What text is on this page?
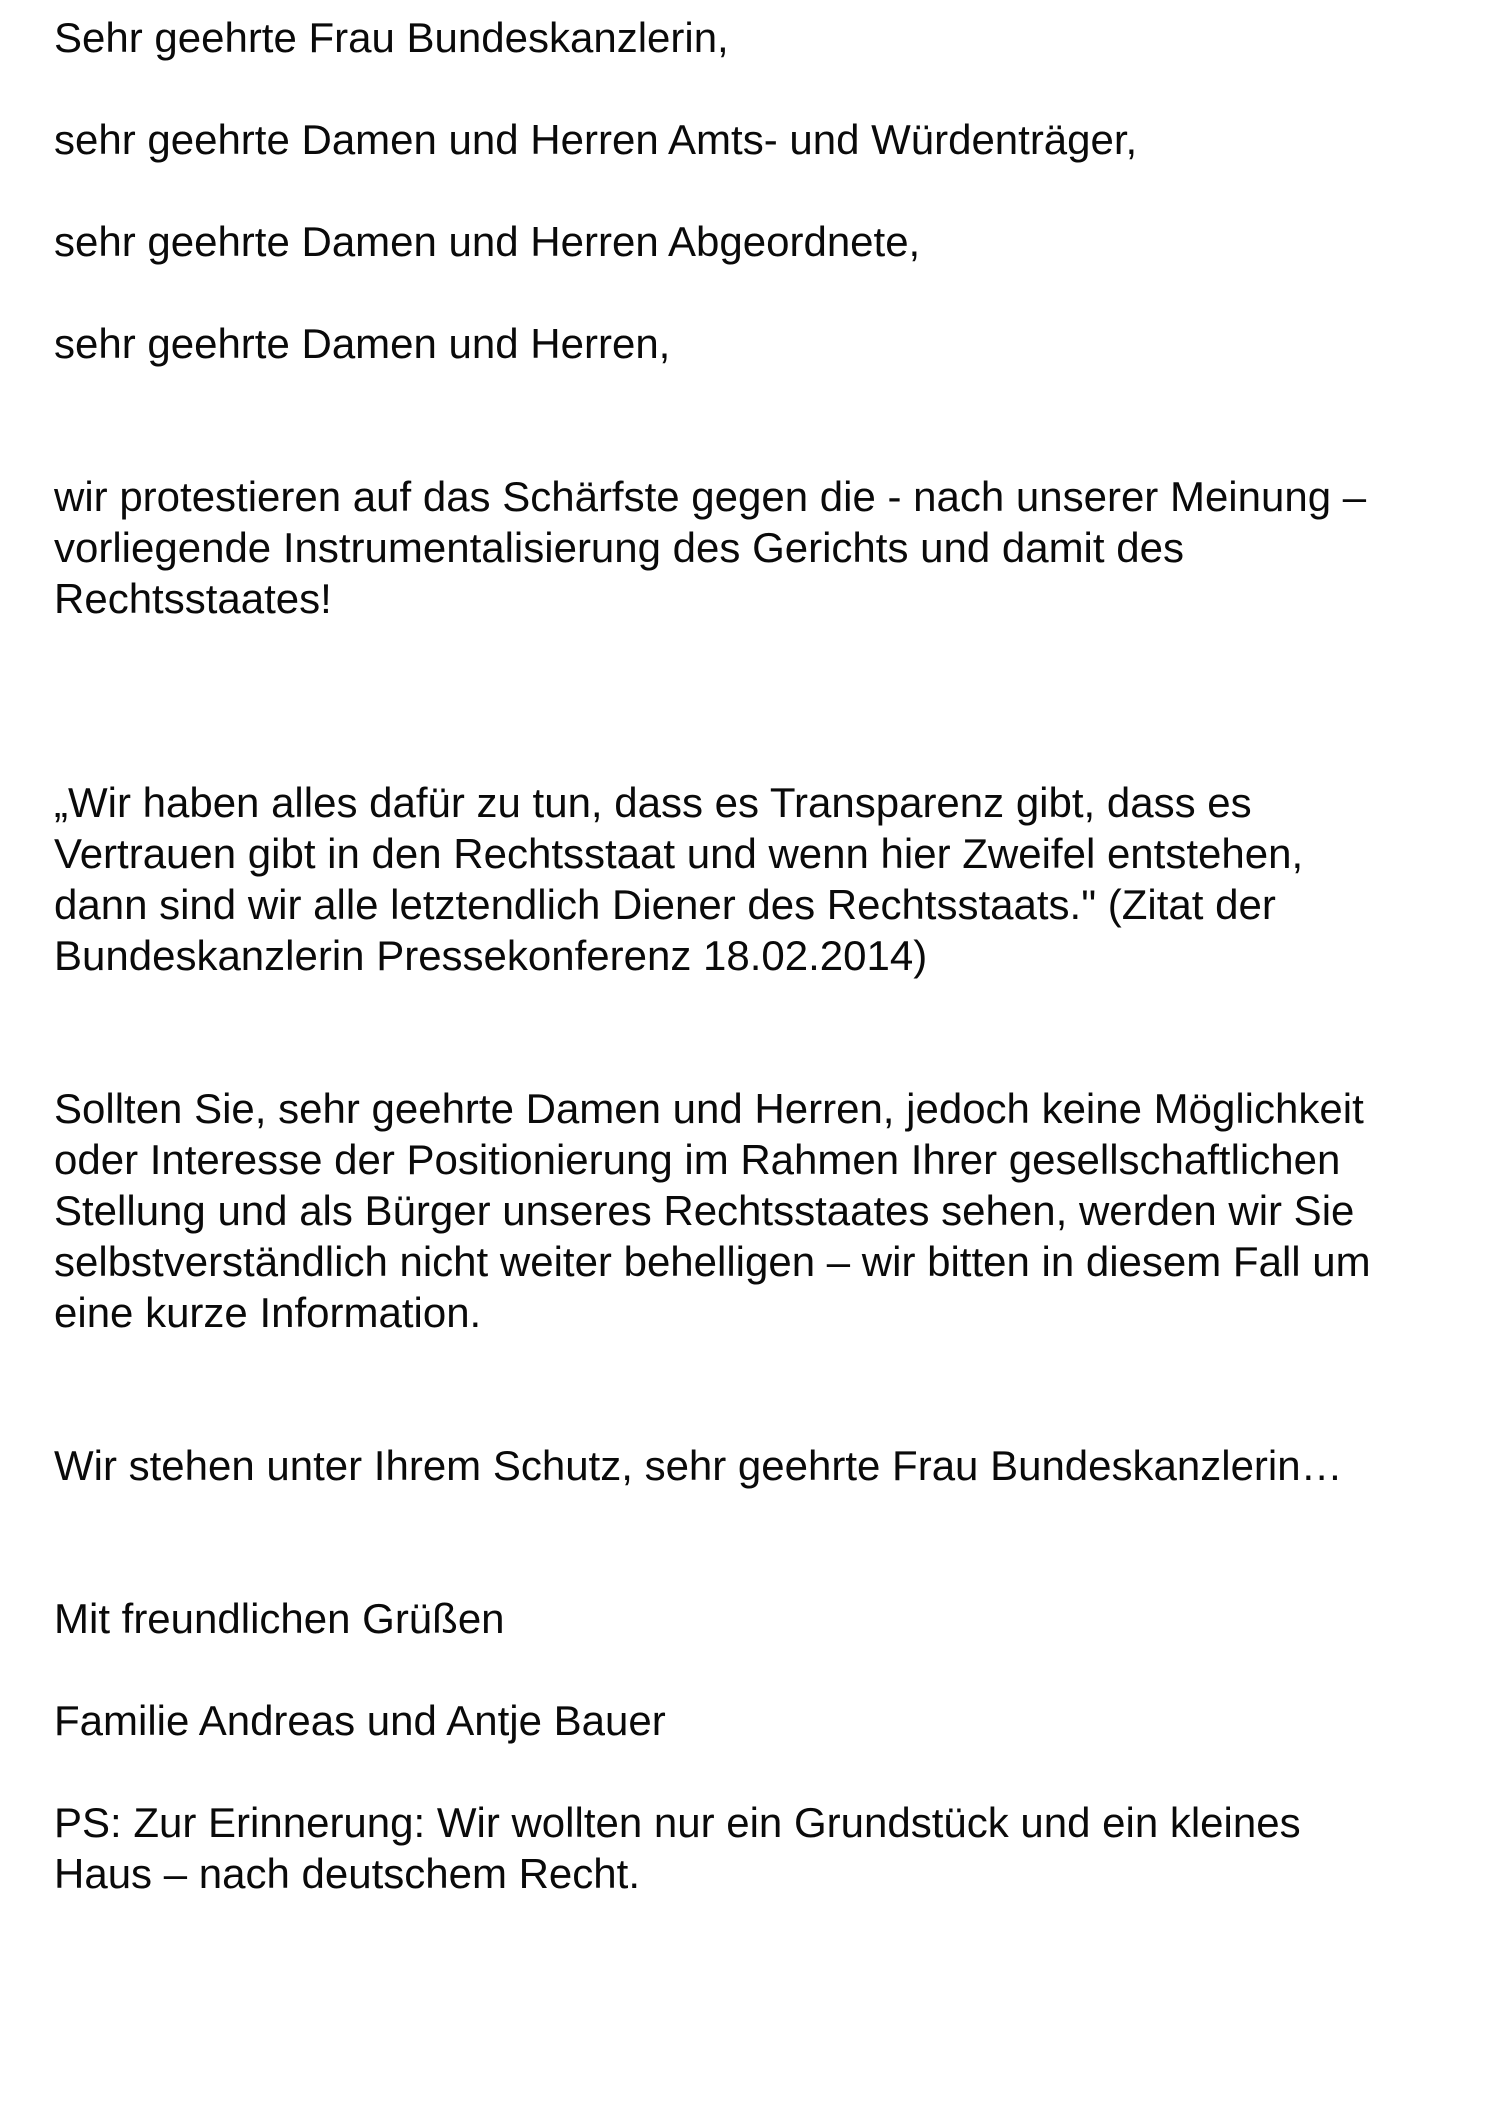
Sehr geehrte Frau Bundeskanzlerin,

sehr geehrte Damen und Herren Amts- und Würdenträger,

sehr geehrte Damen und Herren Abgeordnete,

sehr geehrte Damen und Herren,

wir protestieren auf das Schärfste gegen die - nach unserer Meinung –

vorliegende Instrumentalisierung des Gerichts und damit des

Rechtsstaates!

„Wir haben alles dafür zu tun, dass es Transparenz gibt, dass es

Vertrauen gibt in den Rechtsstaat und wenn hier Zweifel entstehen,

dann sind wir alle letztendlich Diener des Rechtsstaats." (Zitat der

Bundeskanzlerin Pressekonferenz 18.02.2014)

Sollten Sie, sehr geehrte Damen und Herren, jedoch keine Möglichkeit

oder Interesse der Positionierung im Rahmen Ihrer gesellschaftlichen

Stellung und als Bürger unseres Rechtsstaates sehen, werden wir Sie

selbstverständlich nicht weiter behelligen – wir bitten in diesem Fall um

eine kurze Information.

Wir stehen unter Ihrem Schutz, sehr geehrte Frau Bundeskanzlerin…

Mit freundlichen Grüßen

Familie Andreas und Antje Bauer

PS: Zur Erinnerung: Wir wollten nur ein Grundstück und ein kleines

Haus – nach deutschem Recht.
